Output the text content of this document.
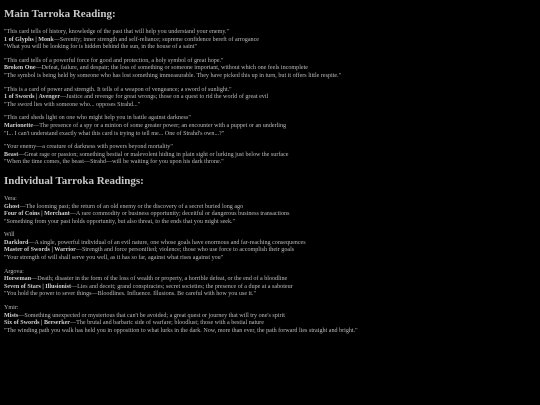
Main Tarroka Reading:
"This card tells of history, knowledge of the past that will help you understand your enemy."
1 of Glyphs | Monk—Serenity; inner strength and self-reliance; supreme confidence bereft of arrogance
"What you will be looking for is hidden behind the sun, in the house of a saint"
"This card tells of a powerful force for good and protection, a holy symbol of great hope."
Broken One—Defeat, failure, and despair; the loss of something or someone important, without which one feels incomplete
"The symbol is being held by someone who has lost something immeasurable. They have picked this up in turn, but it offers little respite."
"This is a card of power and strength. It tells of a weapon of vengeance; a sword of sunlight."
1 of Swords | Avenger—Justice and revenge for great wrongs; those on a quest to rid the world of great evil
"The sword lies with someone who... opposes Strahd..."
"This card sheds light on one who might help you in battle against darkness"
Marionette—The presence of a spy or a minion of some greater power; an encounter with a puppet or an underling
"I... I can't understand exactly what this card is trying to tell me... One of Strahd's own...?"
"Your enemy—a creature of darkness with powers beyond mortality"
Beast—Great rage or passion; something bestial or malevolent hiding in plain sight or lurking just below the surface
"When the time comes, the beast—Strahd—will be waiting for you upon his dark throne."
Individual Tarroka Readings:
Vera:
Ghost—The looming past; the return of an old enemy or the discovery of a secret buried long ago
Four of Coins | Merchant—A rare commodity or business opportunity; deceitful or dangerous business transactions
"Something from your past holds opportunity, but also threat, to the ends that you might seek."
Will
Darklord—A single, powerful individual of an evil nature, one whose goals have enormous and far-reaching consequences
Master of Swords | Warrior—Strength and force personified; violence; those who use force to accomplish their goals
"Your strength of will shall serve you well, as it has so far, against what rises against you"
Argova:
Horseman—Death; disaster in the form of the loss of wealth or property, a horrible defeat, or the end of a bloodline
Seven of Stars | Illusionist—Lies and deceit; grand conspiracies; secret societies; the presence of a dupe at a saboteur
"You hold the power to sever things—Bloodlines. Influence. Illusions. Be careful with how you use it."
Ymir:
Mists—Something unexpected or mysterious that can't be avoided; a great quest or journey that will try one's spirit
Six of Swords | Berserker—The brutal and barbaric side of warfare; bloodlust; those with a bestial nature
"The winding path you walk has held you in opposition to what lurks in the dark. Now, more than ever, the path forward lies straight and bright."
